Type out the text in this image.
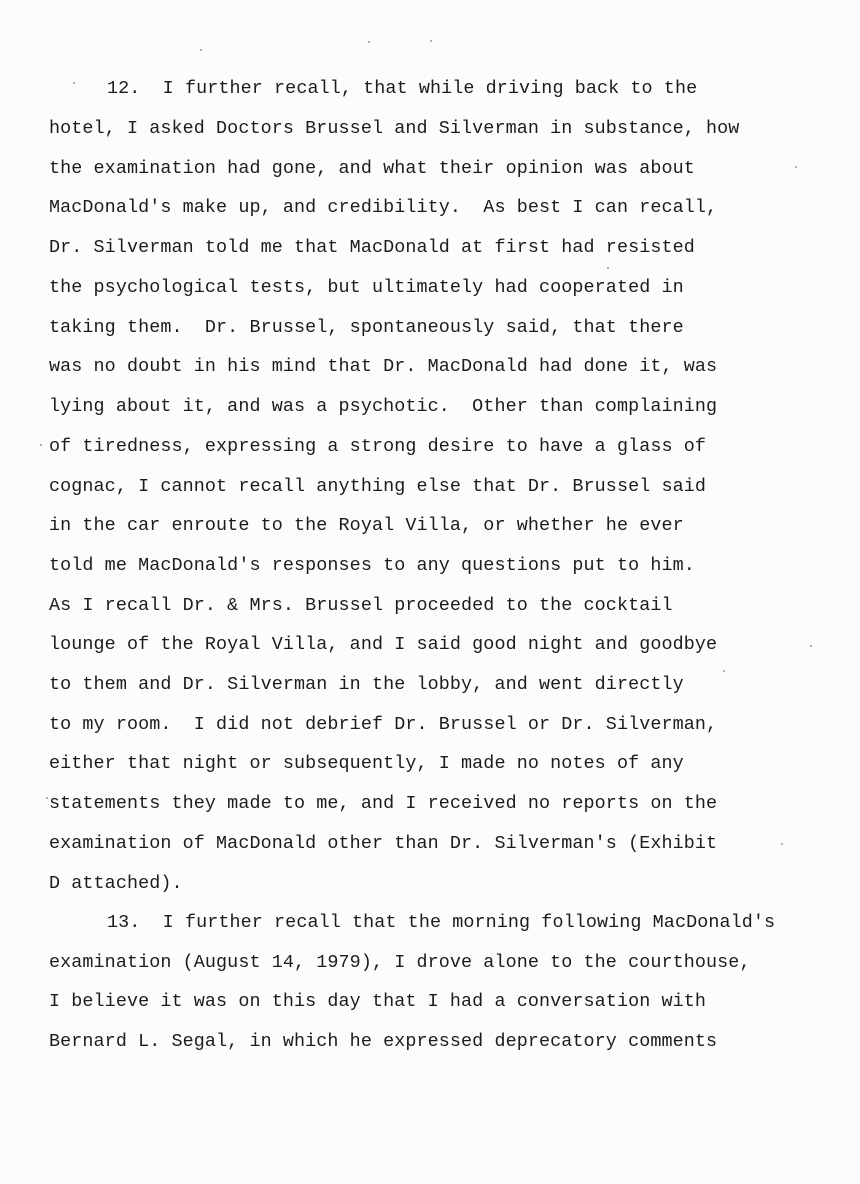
12.  I further recall, that while driving back to the
hotel, I asked Doctors Brussel and Silverman in substance, how
the examination had gone, and what their opinion was about
MacDonald's make up, and credibility.  As best I can recall,
Dr. Silverman told me that MacDonald at first had resisted
the psychological tests, but ultimately had cooperated in
taking them.  Dr. Brussel, spontaneously said, that there
was no doubt in his mind that Dr. MacDonald had done it, was
lying about it, and was a psychotic.  Other than complaining
of tiredness, expressing a strong desire to have a glass of
cognac, I cannot recall anything else that Dr. Brussel said
in the car enroute to the Royal Villa, or whether he ever
told me MacDonald's responses to any questions put to him.
As I recall Dr. & Mrs. Brussel proceeded to the cocktail
lounge of the Royal Villa, and I said good night and goodbye
to them and Dr. Silverman in the lobby, and went directly
to my room.  I did not debrief Dr. Brussel or Dr. Silverman,
either that night or subsequently, I made no notes of any
statements they made to me, and I received no reports on the
examination of MacDonald other than Dr. Silverman's (Exhibit
D attached).
13.  I further recall that the morning following MacDonald's
examination (August 14, 1979), I drove alone to the courthouse,
I believe it was on this day that I had a conversation with
Bernard L. Segal, in which he expressed deprecatory comments
